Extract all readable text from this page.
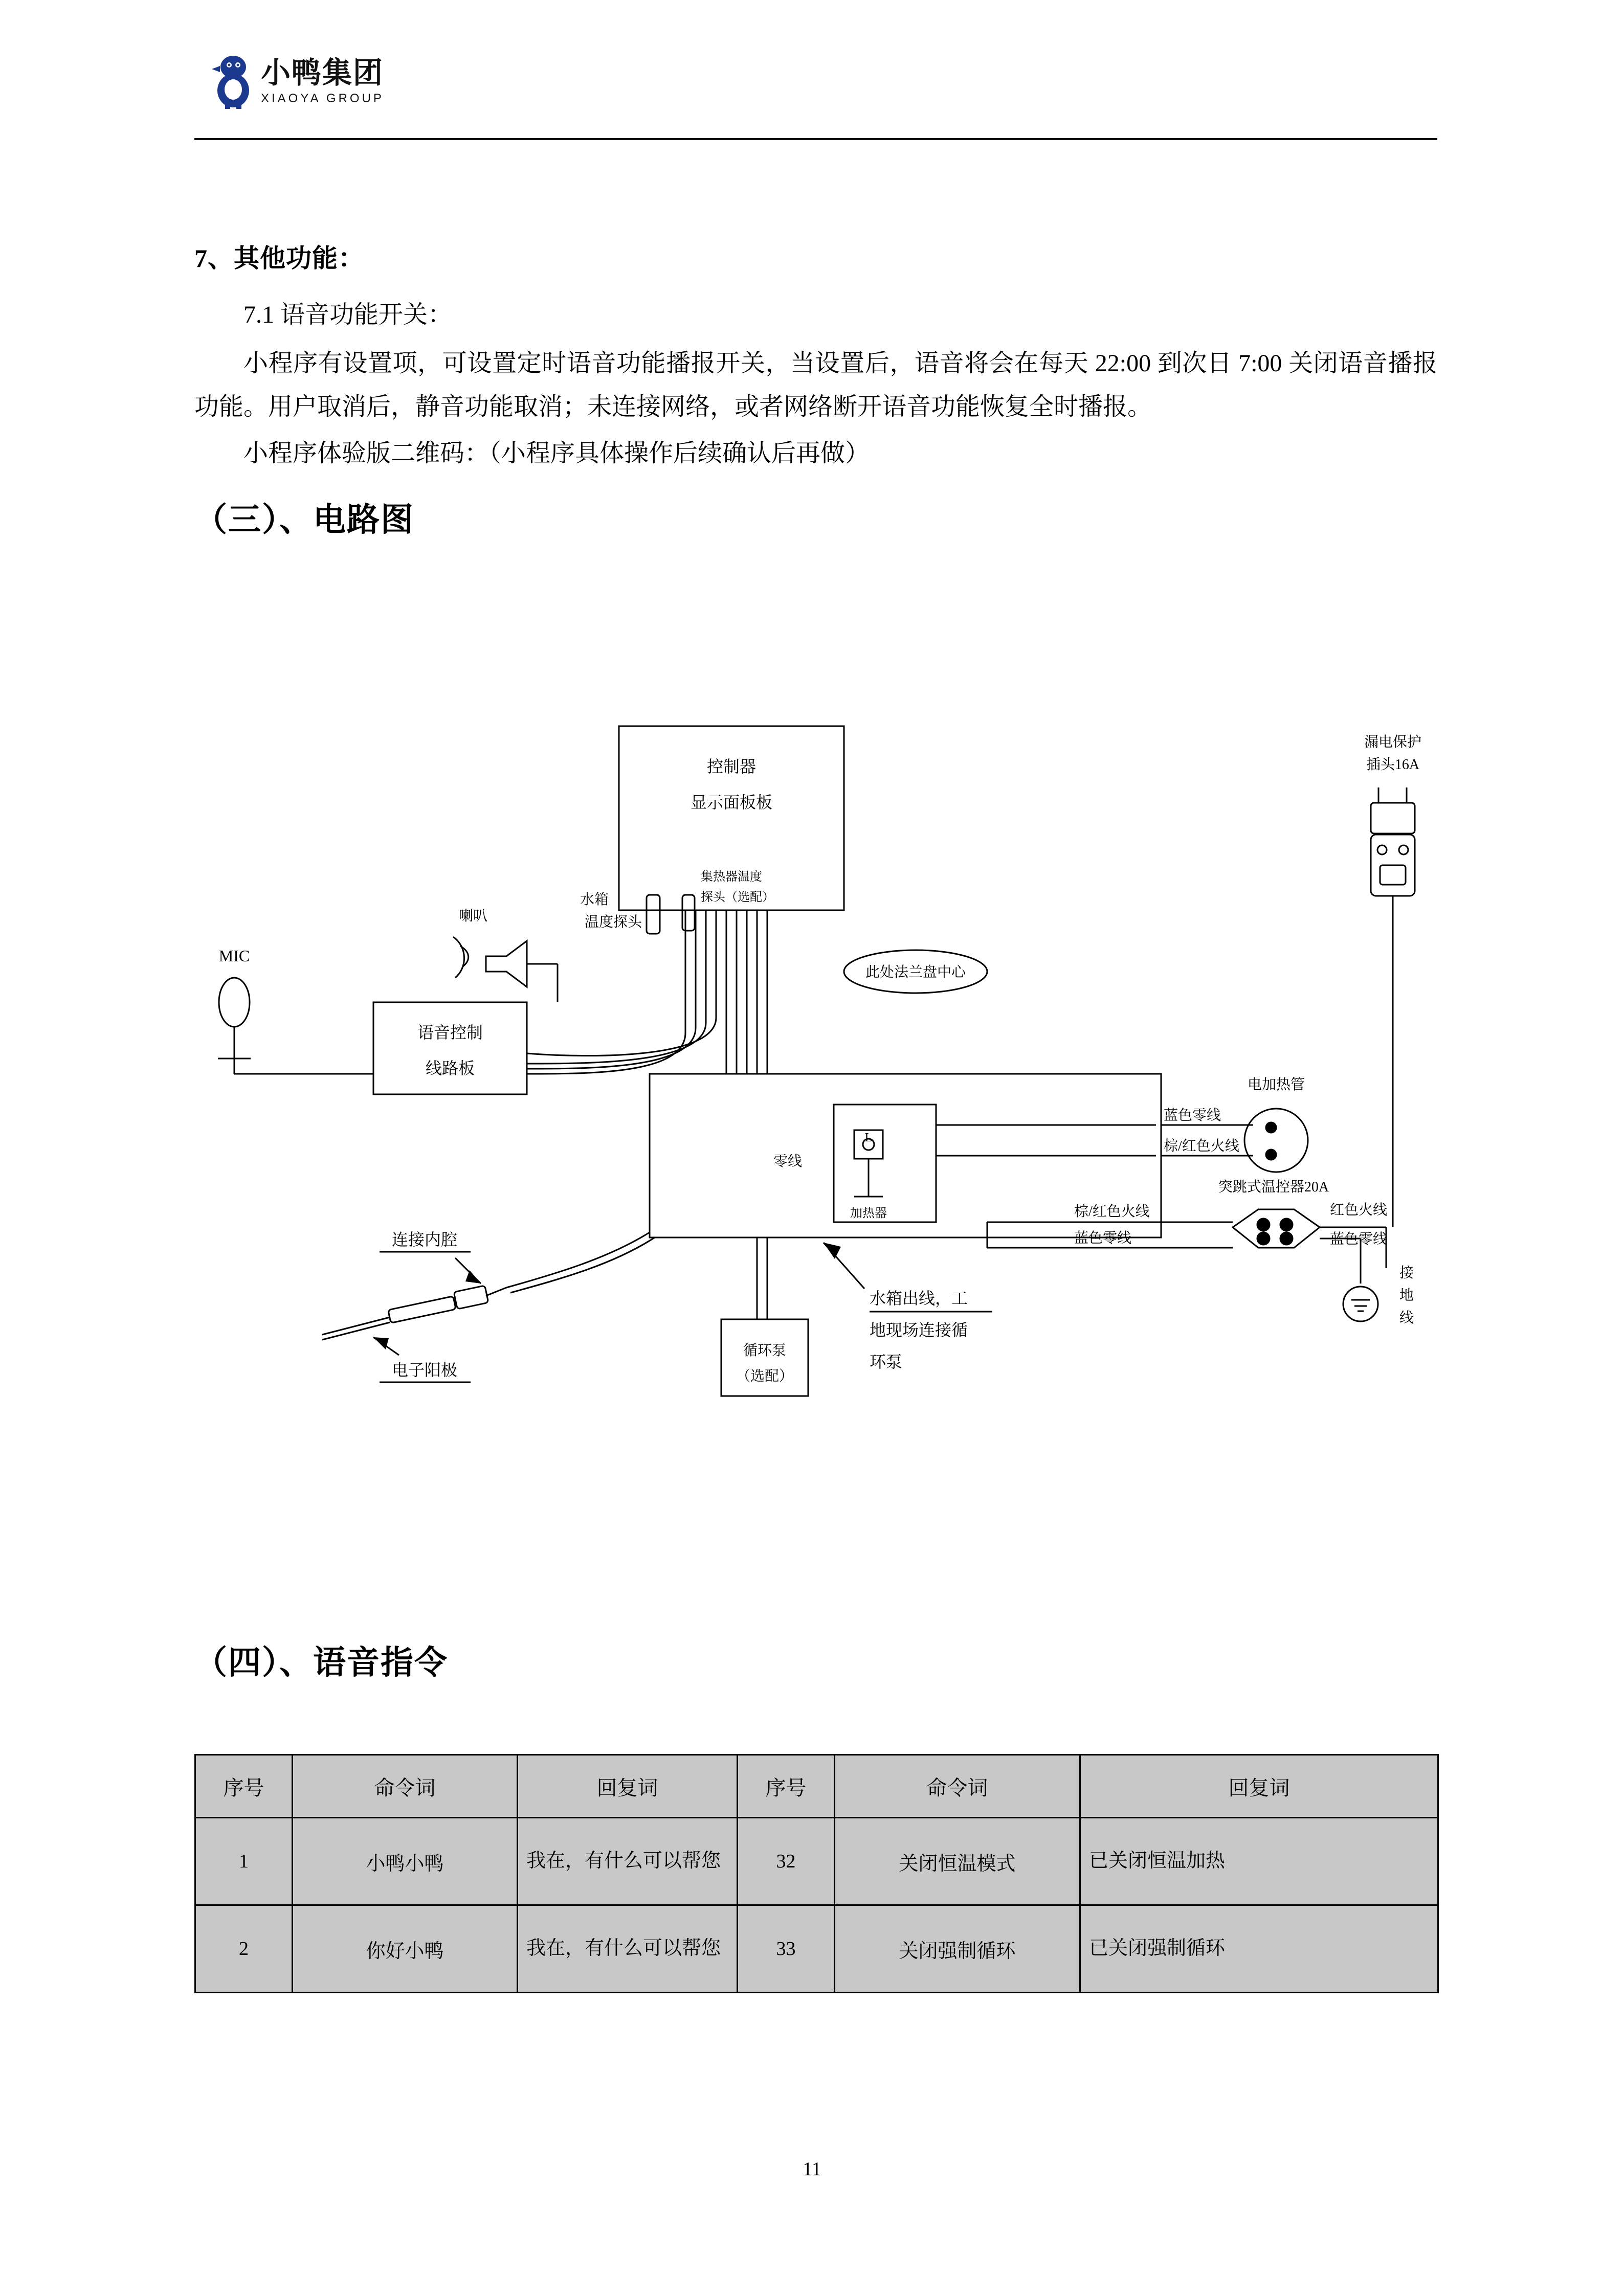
小鸭集团
XIAOYA GROUP
7、其他功能：
7.1 语音功能开关：
小程序有设置项，可设置定时语音功能播报开关，当设置后，语音将会在每天 22:00 到次日 7:00 关闭语音播报功能。用户取消后，静音功能取消；未连接网络，或者网络断开语音功能恢复全时播报。
小程序体验版二维码：（小程序具体操作后续确认后再做）
（三）、电路图
控制器
显示面板板
水箱
温度探头
集热器温度
探头（选配）
喇叭
MIC
语音控制
线路板
此处法兰盘中心
漏电保护
插头16A
电加热管
蓝色零线
棕/红色火线
零线
加热器
L
突跳式温控器20A
棕/红色火线	红色火线
蓝色零线	蓝色零线
接
地
线
连接内腔
电子阳极
循环泵
（选配）
水箱出线，工
地现场连接循
环泵
（四）、语音指令
序号	命令词	回复词	序号	命令词	回复词
1	小鸭小鸭	我在，有什么可以帮您	32	关闭恒温模式	已关闭恒温加热
2	你好小鸭	我在，有什么可以帮您	33	关闭强制循环	已关闭强制循环
11
